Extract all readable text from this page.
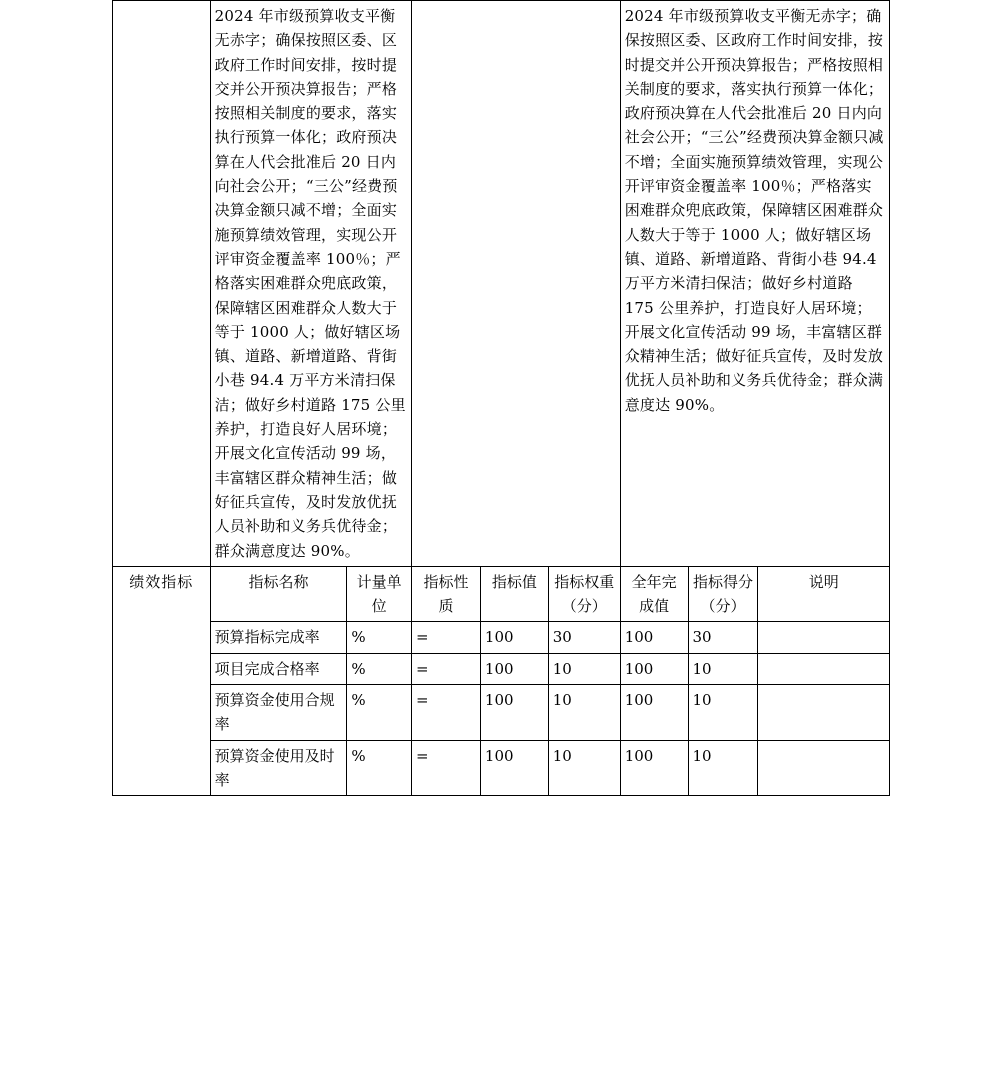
	2024 年市级预算收支平衡无赤字；确保按照区委、区政府工作时间安排，按时提交并公开预决算报告；严格按照相关制度的要求，落实执行预算一体化；政府预决算在人代会批准后 20 日内向社会公开；“三公”经费预决算金额只减不增；全面实施预算绩效管理，实现公开评审资金覆盖率 100％；严格落实困难群众兜底政策，保障辖区困难群众人数大于等于 1000 人；做好辖区场镇、道路、新增道路、背街小巷 94.4 万平方米清扫保洁；做好乡村道路 175 公里养护，打造良好人居环境；开展文化宣传活动 99 场，丰富辖区群众精神生活；做好征兵宣传，及时发放优抚人员补助和义务兵优待金；群众满意度达 90%。		2024 年市级预算收支平衡无赤字；确保按照区委、区政府工作时间安排，按时提交并公开预决算报告；严格按照相关制度的要求，落实执行预算一体化；政府预决算在人代会批准后 20 日内向社会公开；“三公”经费预决算金额只减不增；全面实施预算绩效管理，实现公开评审资金覆盖率 100％；严格落实困难群众兜底政策，保障辖区困难群众人数大于等于 1000 人；做好辖区场镇、道路、新增道路、背街小巷 94.4 万平方米清扫保洁；做好乡村道路 175 公里养护，打造良好人居环境；开展文化宣传活动 99 场，丰富辖区群众精神生活；做好征兵宣传，及时发放优抚人员补助和义务兵优待金；群众满意度达 90%。
绩效指标	指标名称	计量单位	指标性质	指标值	指标权重（分）	全年完成值	指标得分（分）	说明
	预算指标完成率	%	=	100	30	100	30	
	项目完成合格率	%	=	100	10	100	10	
	预算资金使用合规率	%	=	100	10	100	10	
	预算资金使用及时率	%	=	100	10	100	10	
